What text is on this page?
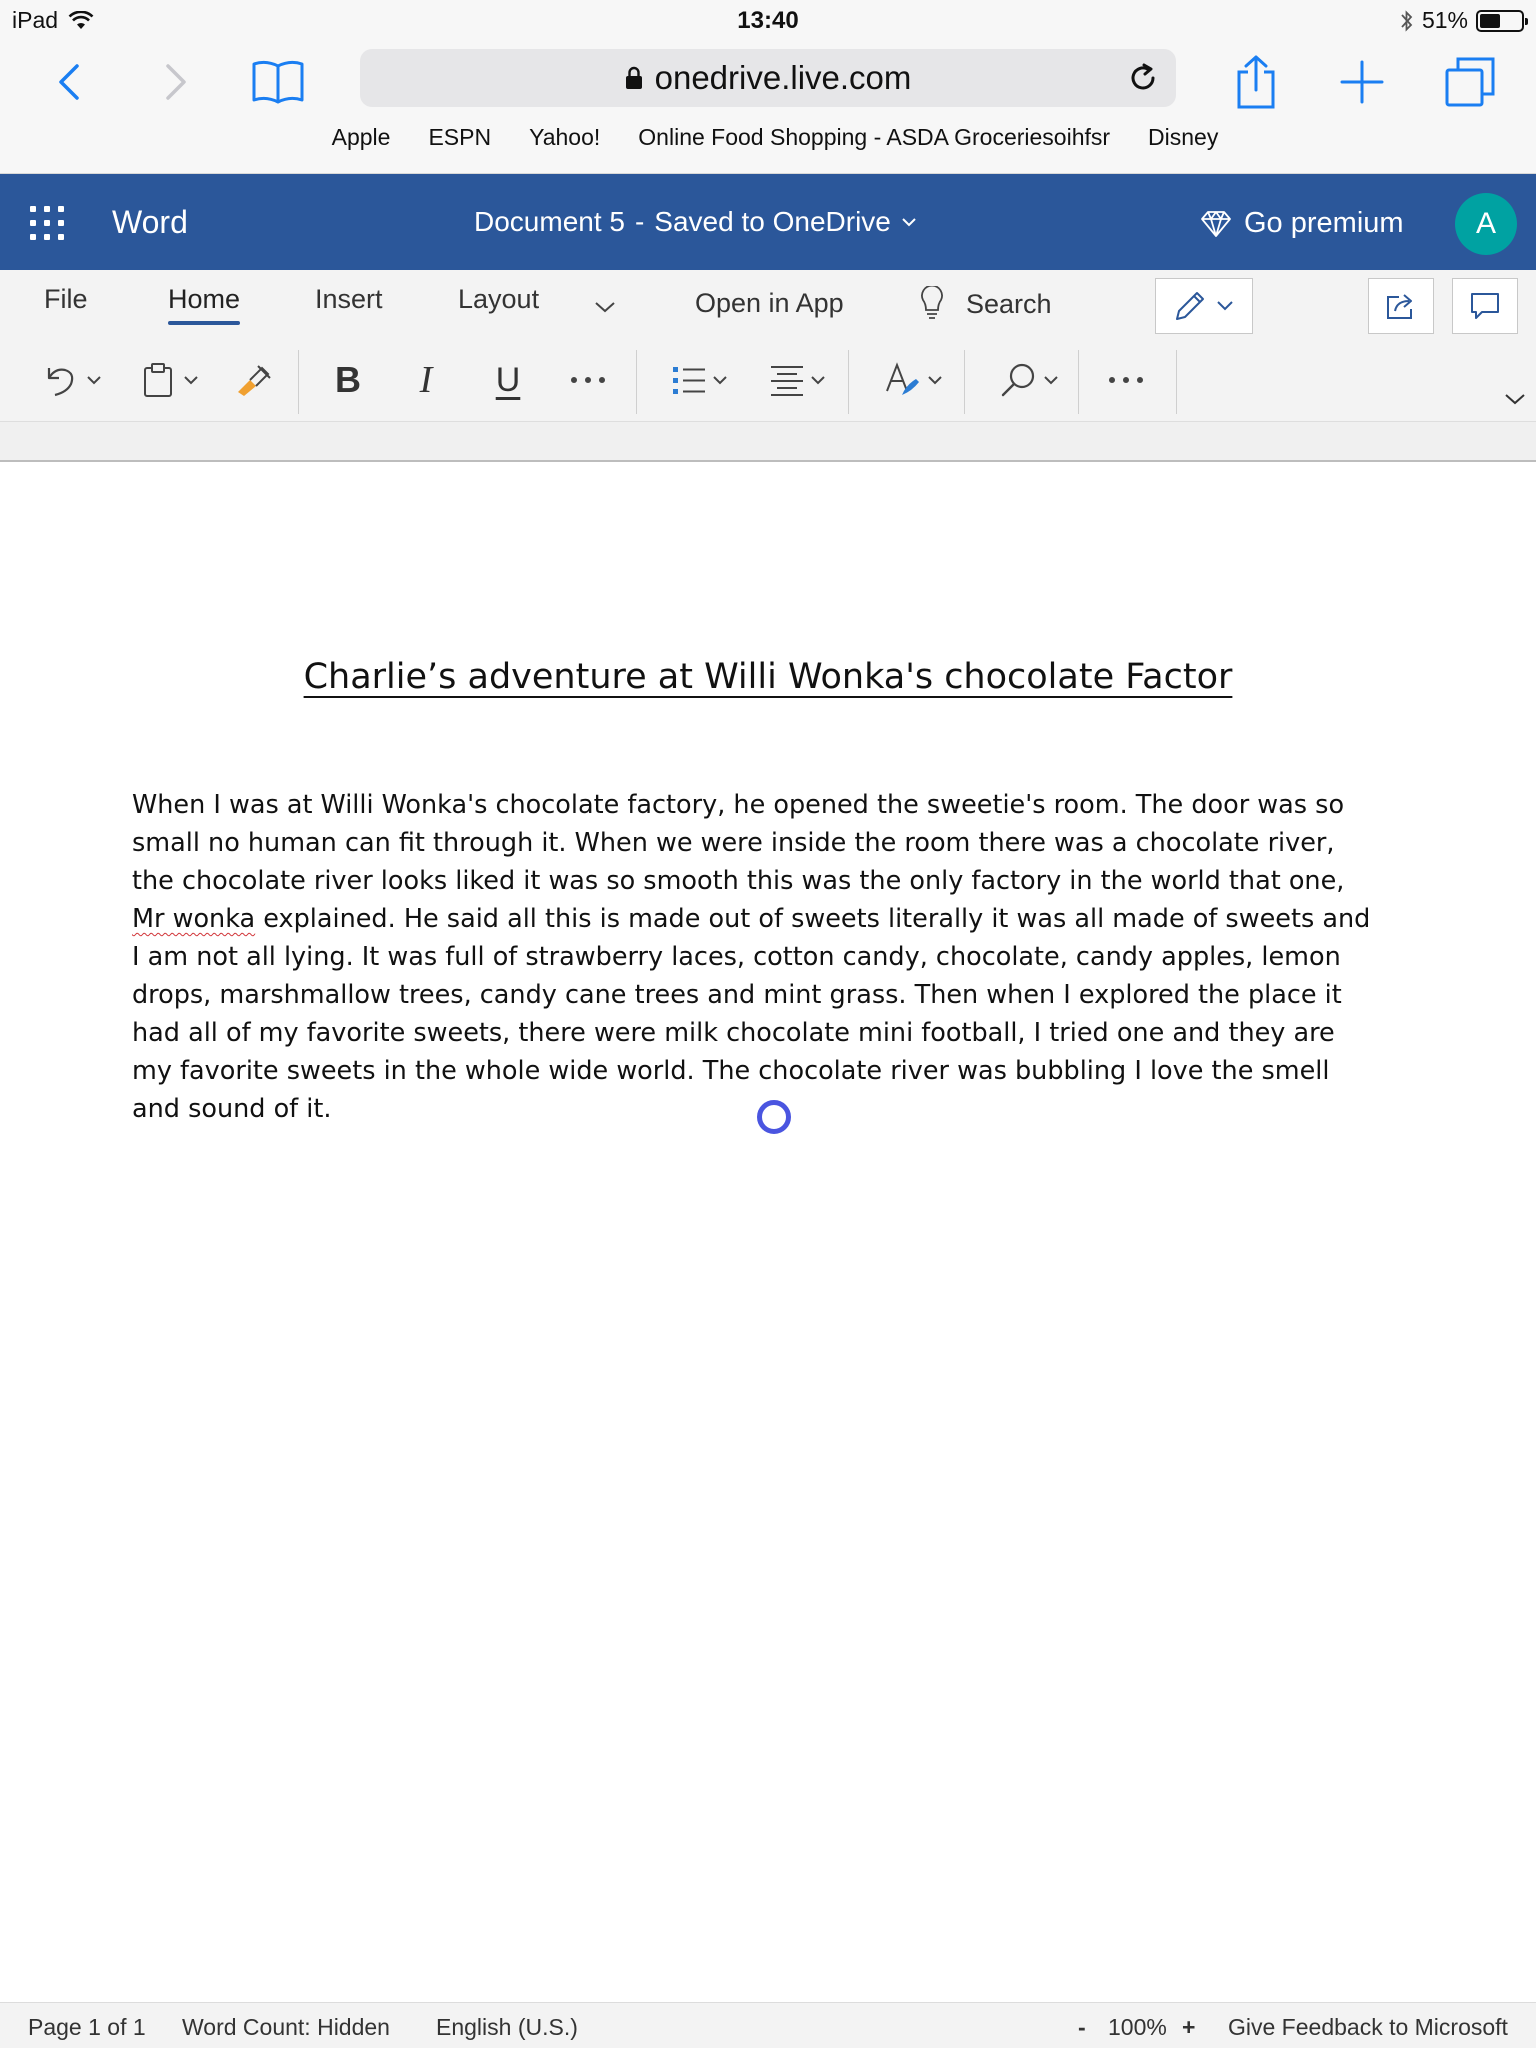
iPad	13:40	51%
onedrive.live.com
Apple ESPN Yahoo! Online Food Shopping - ASDA Groceriesoihfsr Disney
Word	Document 5 - Saved to OneDrive	Go premium	A
File	Home	Insert	Layout	Open in App	Search
B	I	U
Charlie’s adventure at Willi Wonka's chocolate Factor
When I was at Willi Wonka's chocolate factory, he opened the sweetie's room. The door was so small no human can fit through it. When we were inside the room there was a chocolate river, the chocolate river looks liked it was so smooth this was the only factory in the world that one, Mr wonka explained. He said all this is made out of sweets literally it was all made of sweets and I am not all lying. It was full of strawberry laces, cotton candy, chocolate, candy apples, lemon drops, marshmallow trees, candy cane trees and mint grass. Then when I explored the place it had all of my favorite sweets, there were milk chocolate mini football, I tried one and they are my favorite sweets in the whole wide world. The chocolate river was bubbling I love the smell and sound of it.
Page 1 of 1 Word Count: Hidden English (U.S.)	- 100% + Give Feedback to Microsoft
